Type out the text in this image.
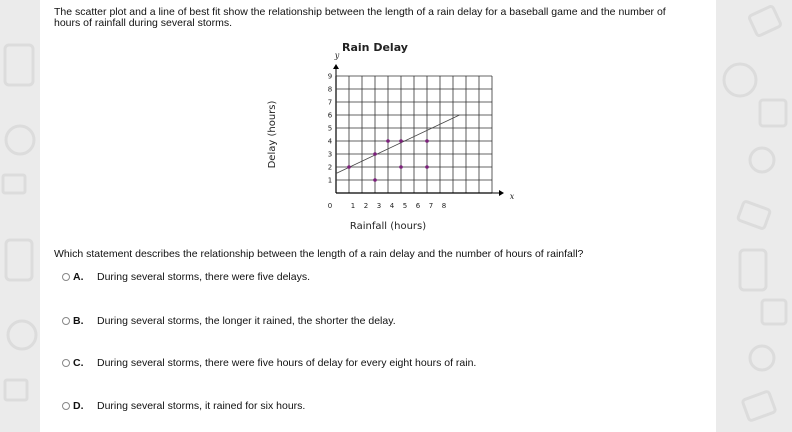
The scatter plot and a line of best fit show the relationship between the length of a rain delay for a baseball game and the number of hours of rainfall during several storms.
Rain Delay
y
x
1
2
3
4
5
6
7
8
9
1 2 3 4 5 6 7 8
0
Rainfall (hours)
Delay (hours)
Which statement describes the relationship between the length of a rain delay and the number of hours of rainfall?
A.	During several storms, there were five delays.
B.	During several storms, the longer it rained, the shorter the delay.
C.	During several storms, there were five hours of delay for every eight hours of rain.
D.	During several storms, it rained for six hours.
